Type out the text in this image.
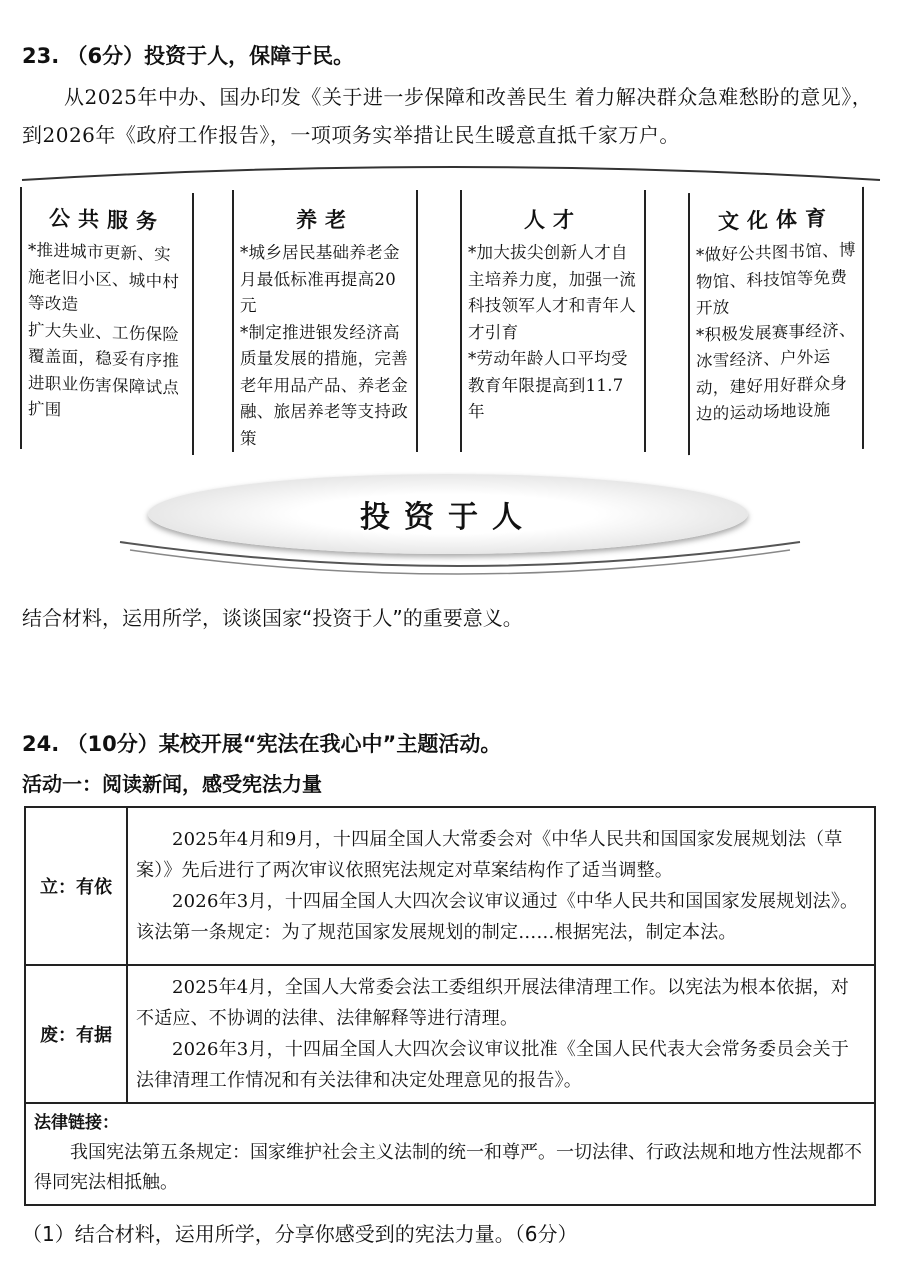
23. （6分）投资于人，保障于民。
从2025年中办、国办印发《关于进一步保障和改善民生 着力解决群众急难愁盼的意见》，到2026年《政府工作报告》，一项项务实举措让民生暖意直抵千家万户。
公共服务
*推进城市更新、实施老旧小区、城中村等改造
扩大失业、工伤保险覆盖面，稳妥有序推进职业伤害保障试点扩围
养老
*城乡居民基础养老金月最低标准再提高20元
*制定推进银发经济高质量发展的措施，完善老年用品产品、养老金融、旅居养老等支持政策
人才
*加大拔尖创新人才自主培养力度，加强一流科技领军人才和青年人才引育
*劳动年龄人口平均受教育年限提高到11.7年
文化体育
*做好公共图书馆、博物馆、科技馆等免费开放
*积极发展赛事经济、冰雪经济、户外运动，建好用好群众身边的运动场地设施
投资于人
结合材料，运用所学，谈谈国家“投资于人”的重要意义。
24. （10分）某校开展“宪法在我心中”主题活动。
活动一：阅读新闻，感受宪法力量
立：有依	2025年4月和9月，十四届全国人大常委会对《中华人民共和国国家发展规划法（草案）》先后进行了两次审议依照宪法规定对草案结构作了适当调整。

2026年3月，十四届全国人大四次会议审议通过《中华人民共和国国家发展规划法》。该法第一条规定：为了规范国家发展规划的制定……根据宪法，制定本法。

废：有据	2025年4月，全国人大常委会法工委组织开展法律清理工作。以宪法为根本依据，对不适应、不协调的法律、法律解释等进行清理。

2026年3月，十四届全国人大四次会议审议批准《全国人民代表大会常务委员会关于法律清理工作情况和有关法律和决定处理意见的报告》。

法律链接：

我国宪法第五条规定：国家维护社会主义法制的统一和尊严。一切法律、行政法规和地方性法规都不得同宪法相抵触。	

（1）结合材料，运用所学，分享你感受到的宪法力量。（6分）
